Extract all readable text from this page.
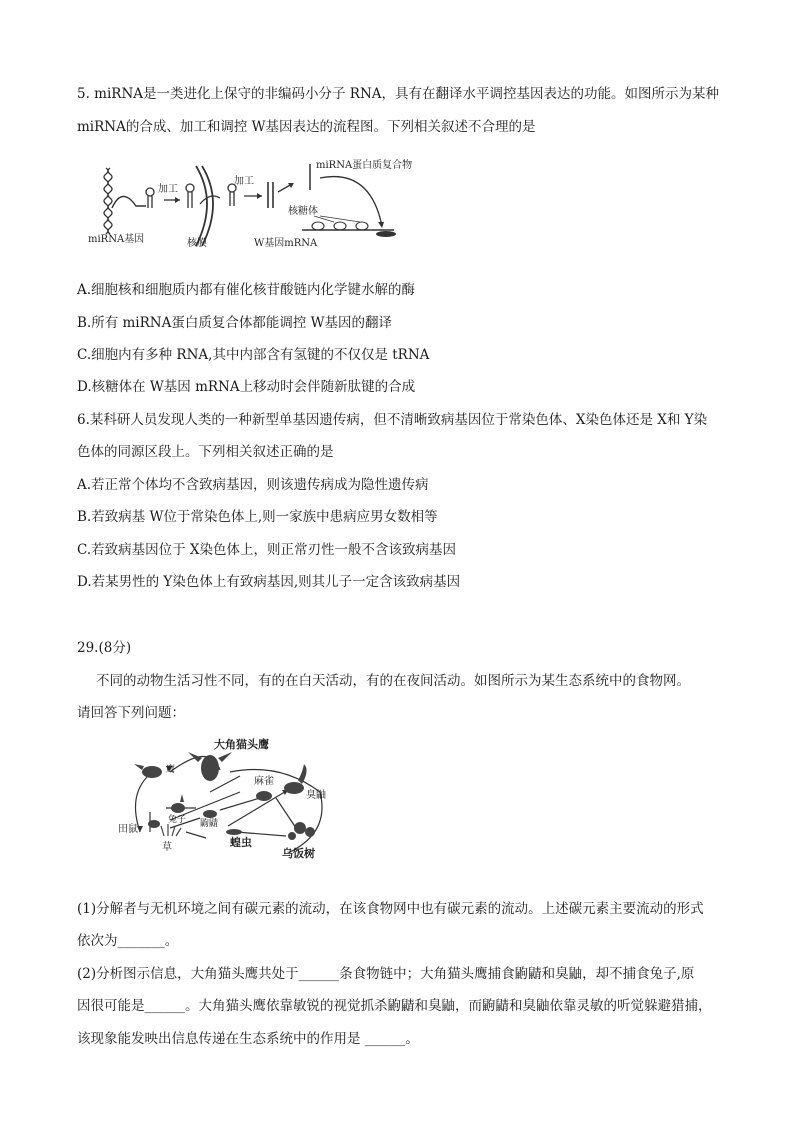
5. miRNA是一类进化上保守的非编码小分子 RNA，具有在翻译水平调控基因表达的功能。如图所示为某种
miRNA的合成、加工和调控 W基因表达的流程图。下列相关叙述不合理的是
加工
核膜
加工
miRNA蛋白质复合物
核糖体
miRNA基因	W基因mRNA
A.细胞核和细胞质内都有催化核苷酸链内化学键水解的酶
B.所有 miRNA蛋白质复合体都能调控 W基因的翻译
C.细胞内有多种 RNA,其中内部含有氢键的不仅仅是 tRNA
D.核糖体在 W基因 mRNA上移动时会伴随新肽键的合成
6.某科研人员发现人类的一种新型单基因遗传病，但不清晰致病基因位于常染色体、X染色体还是 X和 Y染
色体的同源区段上。下列相关叙述正确的是
A.若正常个体均不含致病基因，则该遗传病成为隐性遗传病
B.若致病基 W位于常染色体上,则一家族中患病应男女数相等
C.若致病基因位于 X染色体上，则正常刃性一般不含该致病基因
D.若某男性的 Y染色体上有致病基因,则其儿子一定含该致病基因
29.(8分)
不同的动物生活习性不同，有的在白天活动，有的在夜间活动。如图所示为某生态系统中的食物网。
请回答下列问题：
大角猫头鹰
鹰
麻雀
臭鼬
田鼠
兔子 鼩鼱
草	蝗虫
乌饭树
(1)分解者与无机环境之间有碳元素的流动，在该食物网中也有碳元素的流动。上述碳元素主要流动的形式
依次为_______。
(2)分析图示信息，大角猫头鹰共处于______条食物链中；大角猫头鹰捕食鼩鼱和臭鼬，却不捕食兔子,原
因很可能是______。大角猫头鹰依靠敏锐的视觉抓杀鼩鼱和臭鼬，而鼩鼱和臭鼬依靠灵敏的听觉躲避猎捕，
该现象能发映出信息传递在生态系统中的作用是 ______。
